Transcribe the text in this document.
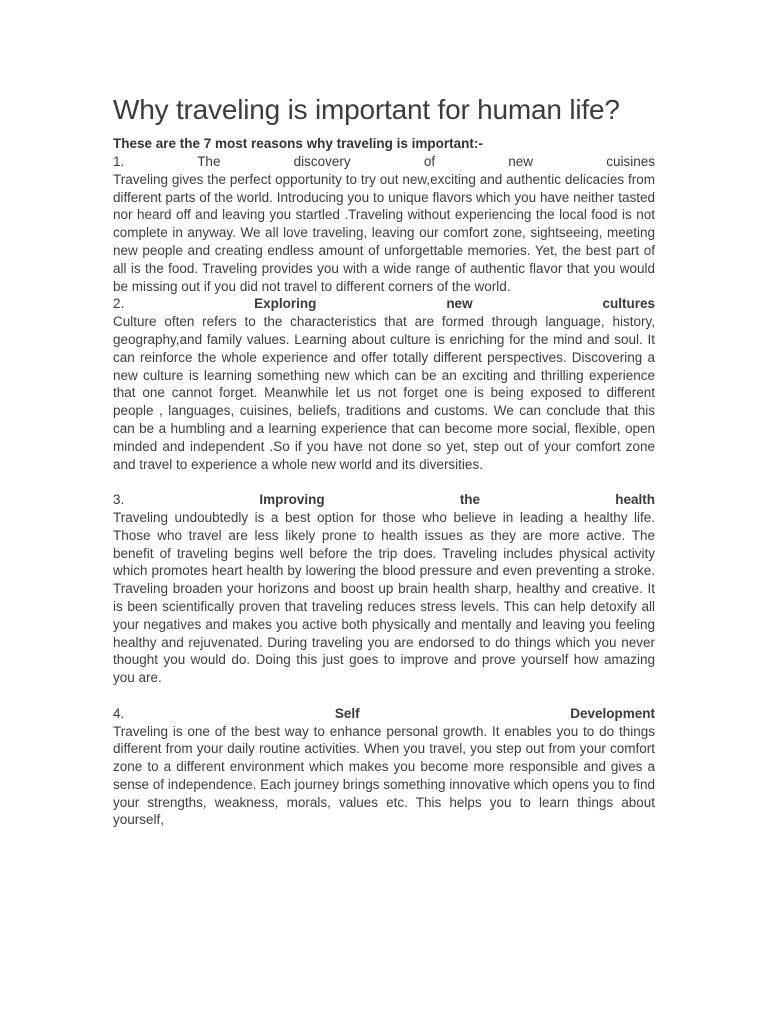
Why traveling is important for human life?

These are the 7 most reasons why traveling is important:-

1.	The	discovery	of	new	cuisines

Traveling gives the perfect opportunity to try out new,exciting and authentic delicacies from different parts of the world. Introducing you to unique flavors which you have neither tasted nor heard off and leaving you startled .Traveling without experiencing the local food is not complete in anyway. We all love traveling, leaving our comfort zone, sightseeing, meeting new people and creating endless amount of unforgettable memories. Yet, the best part of all is the food. Traveling provides you with a wide range of authentic flavor that you would be missing out if you did not travel to different corners of the world.

2.	Exploring	new	cultures

Culture often refers to the characteristics that are formed through language, history, geography,and family values. Learning about culture is enriching for the mind and soul. It can reinforce the whole experience and offer totally different perspectives. Discovering a new culture is learning something new which can be an exciting and thrilling experience that one cannot forget. Meanwhile let us not forget one is being exposed to different people , languages, cuisines, beliefs, traditions and customs. We can conclude that this can be a humbling and a learning experience that can become more social, flexible, open minded and independent .So if you have not done so yet, step out of your comfort zone and travel to experience a whole new world and its diversities.

3.	Improving	the	health

Traveling undoubtedly is a best option for those who believe in leading a healthy life. Those who travel are less likely prone to health issues as they are more active. The benefit of traveling begins well before the trip does. Traveling includes physical activity which promotes heart health by lowering the blood pressure and even preventing a stroke. Traveling broaden your horizons and boost up brain health sharp, healthy and creative. It is been scientifically proven that traveling reduces stress levels. This can help detoxify all your negatives and makes you active both physically and mentally and leaving you feeling healthy and rejuvenated. During traveling you are endorsed to do things which you never thought you would do. Doing this just goes to improve and prove yourself how amazing you are.

4.	Self	Development

Traveling is one of the best way to enhance personal growth. It enables you to do things different from your daily routine activities. When you travel, you step out from your comfort zone to a different environment which makes you become more responsible and gives a sense of independence. Each journey brings something innovative which opens you to find your strengths, weakness, morals, values etc. This helps you to learn things about yourself,
